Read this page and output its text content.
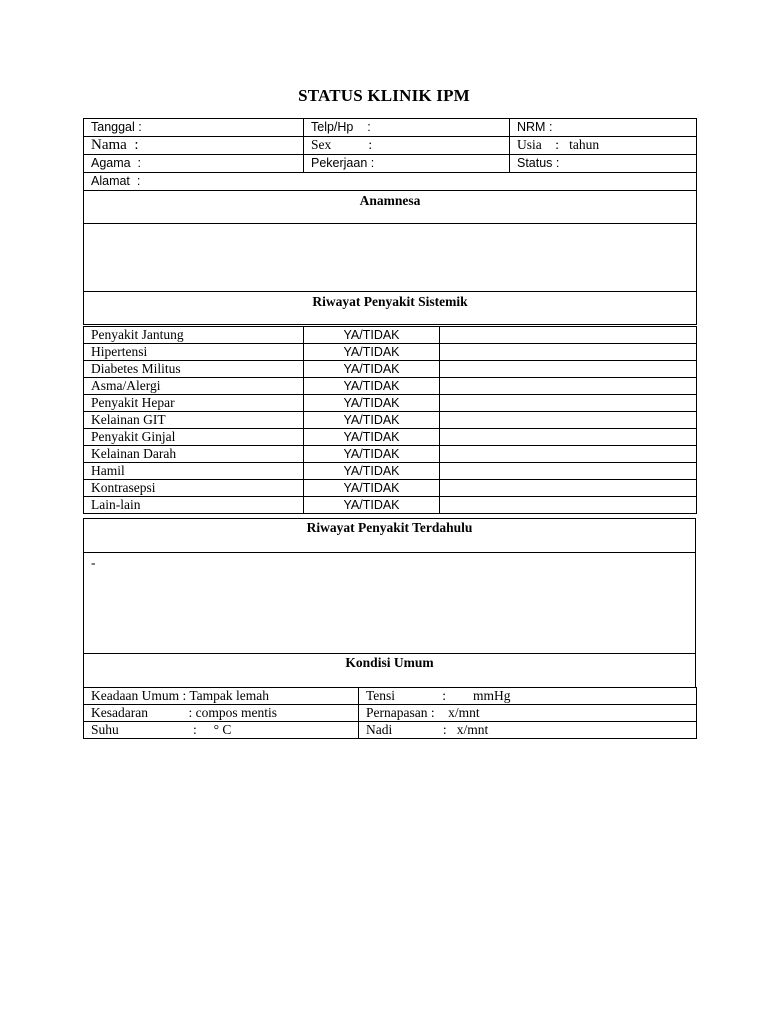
STATUS KLINIK IPM
Tanggal :	Telp/Hp    :	NRM :
Nama  :	Sex           :	Usia    :   tahun
Agama  :	Pekerjaan :	Status :
Alamat  :		
Anamnesa		

Riwayat Penyakit Sistemik		
Penyakit Jantung	YA/TIDAK	
Hipertensi	YA/TIDAK	
Diabetes Militus	YA/TIDAK	
Asma/Alergi	YA/TIDAK	
Penyakit Hepar	YA/TIDAK	
Kelainan GIT	YA/TIDAK	
Penyakit Ginjal	YA/TIDAK	
Kelainan Darah	YA/TIDAK	
Hamil	YA/TIDAK	
Kontrasepsi	YA/TIDAK	
Lain-lain	YA/TIDAK	
Riwayat Penyakit Terdahulu
-
Kondisi Umum
Keadaan Umum : Tampak lemah	Tensi              :        mmHg
Kesadaran            : compos mentis	Pernapasan :    x/mnt
Suhu                      :     ° C	Nadi               :   x/mnt
